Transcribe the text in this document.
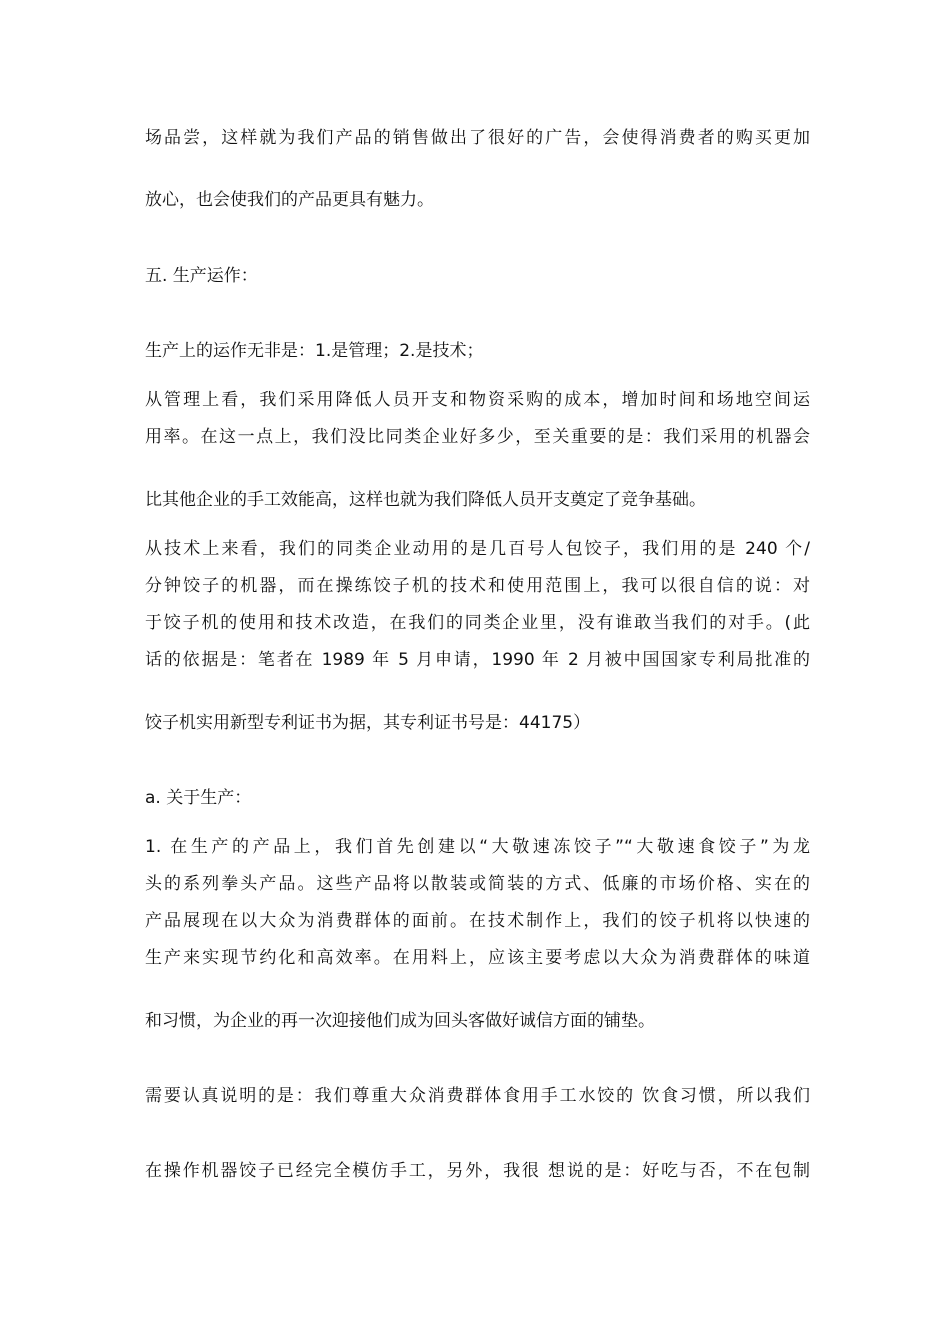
场品尝，这样就为我们产品的销售做出了很好的广告，会使得消费者的购买更加
放心，也会使我们的产品更具有魅力。
五. 生产运作：
生产上的运作无非是：1.是管理；2.是技术；
从管理上看，我们采用降低人员开支和物资采购的成本，增加时间和场地空间运
用率。在这一点上，我们没比同类企业好多少，至关重要的是：我们采用的机器会
比其他企业的手工效能高，这样也就为我们降低人员开支奠定了竞争基础。
从技术上来看，我们的同类企业动用的是几百号人包饺子，我们用的是 240 个/
分钟饺子的机器，而在操练饺子机的技术和使用范围上，我可以很自信的说：对
于饺子机的使用和技术改造，在我们的同类企业里，没有谁敢当我们的对手。(此
话的依据是：笔者在 1989 年 5 月申请，1990 年 2 月被中国国家专利局批准的
饺子机实用新型专利证书为据，其专利证书号是：44175）
a. 关于生产：
1. 在生产的产品上，我们首先创建以“大敬速冻饺子”“大敬速食饺子”为龙
头的系列拳头产品。这些产品将以散装或简装的方式、低廉的市场价格、实在的
产品展现在以大众为消费群体的面前。在技术制作上，我们的饺子机将以快速的
生产来实现节约化和高效率。在用料上，应该主要考虑以大众为消费群体的味道
和习惯，为企业的再一次迎接他们成为回头客做好诚信方面的铺垫。
需要认真说明的是：我们尊重大众消费群体食用手工水饺的 饮食习惯，所以我们
在操作机器饺子已经完全模仿手工，另外，我很 想说的是：好吃与否，不在包制
